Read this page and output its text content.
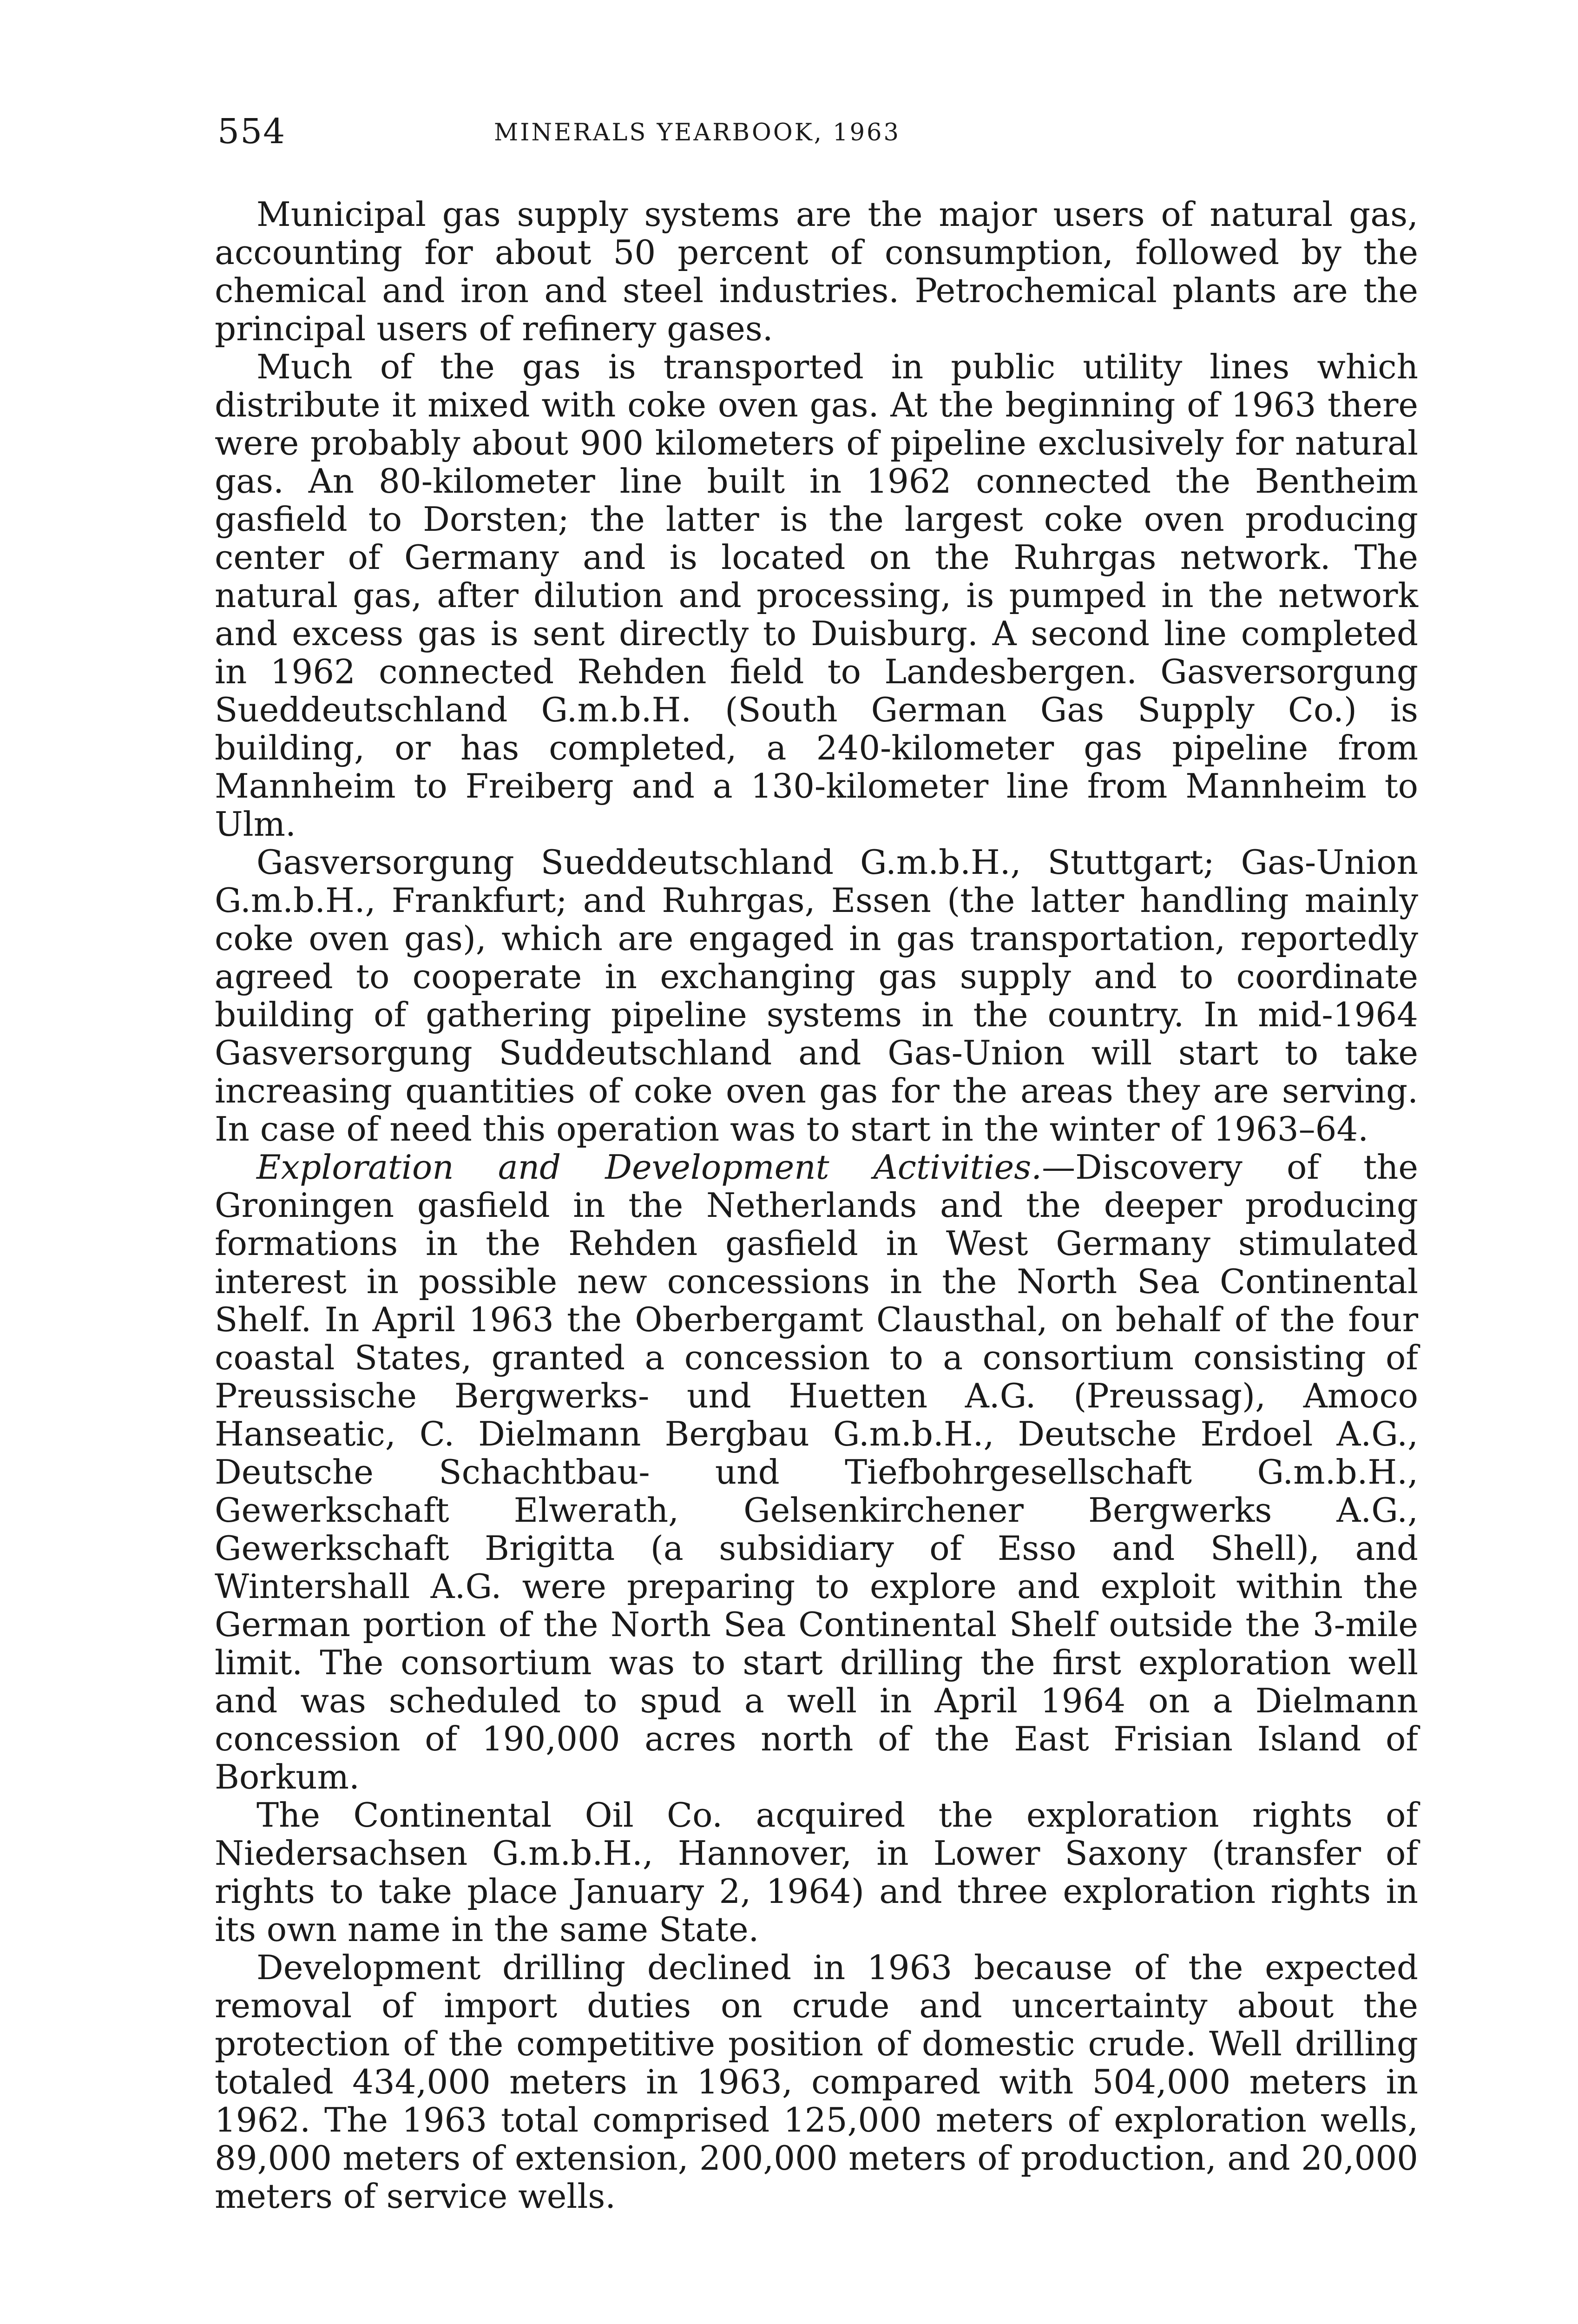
554	MINERALS YEARBOOK, 1963

Municipal gas supply systems are the major users of natural gas, accounting for about 50 percent of consumption, followed by the chemical and iron and steel industries. Petrochemical plants are the principal users of refinery gases.

Much of the gas is transported in public utility lines which distribute it mixed with coke oven gas. At the beginning of 1963 there were probably about 900 kilometers of pipeline exclusively for natural gas. An 80-kilometer line built in 1962 connected the Bentheim gasfield to Dorsten; the latter is the largest coke oven producing center of Germany and is located on the Ruhrgas network. The natural gas, after dilution and processing, is pumped in the network and excess gas is sent directly to Duisburg. A second line completed in 1962 connected Rehden field to Landesbergen. Gasversorgung Sueddeutschland G.m.b.H. (South German Gas Supply Co.) is building, or has completed, a 240-kilometer gas pipeline from Mannheim to Freiberg and a 130-kilometer line from Mannheim to Ulm.

Gasversorgung Sueddeutschland G.m.b.H., Stuttgart; Gas-Union G.m.b.H., Frankfurt; and Ruhrgas, Essen (the latter handling mainly coke oven gas), which are engaged in gas transportation, reportedly agreed to cooperate in exchanging gas supply and to coordinate building of gathering pipeline systems in the country. In mid-1964 Gasversorgung Suddeutschland and Gas-Union will start to take increasing quantities of coke oven gas for the areas they are serving. In case of need this operation was to start in the winter of 1963–64.

Exploration and Development Activities.—Discovery of the Groningen gasfield in the Netherlands and the deeper producing formations in the Rehden gasfield in West Germany stimulated interest in possible new concessions in the North Sea Continental Shelf. In April 1963 the Oberbergamt Clausthal, on behalf of the four coastal States, granted a concession to a consortium consisting of Preussische Bergwerks- und Huetten A.G. (Preussag), Amoco Hanseatic, C. Dielmann Bergbau G.m.b.H., Deutsche Erdoel A.G., Deutsche Schachtbau- und Tiefbohrgesellschaft G.m.b.H., Gewerkschaft Elwerath, Gelsenkirchener Bergwerks A.G., Gewerkschaft Brigitta (a subsidiary of Esso and Shell), and Wintershall A.G. were preparing to explore and exploit within the German portion of the North Sea Continental Shelf outside the 3-mile limit. The consortium was to start drilling the first exploration well and was scheduled to spud a well in April 1964 on a Dielmann concession of 190,000 acres north of the East Frisian Island of Borkum.

The Continental Oil Co. acquired the exploration rights of Niedersachsen G.m.b.H., Hannover, in Lower Saxony (transfer of rights to take place January 2, 1964) and three exploration rights in its own name in the same State.

Development drilling declined in 1963 because of the expected removal of import duties on crude and uncertainty about the protection of the competitive position of domestic crude. Well drilling totaled 434,000 meters in 1963, compared with 504,000 meters in 1962. The 1963 total comprised 125,000 meters of exploration wells, 89,000 meters of extension, 200,000 meters of production, and 20,000 meters of service wells.
